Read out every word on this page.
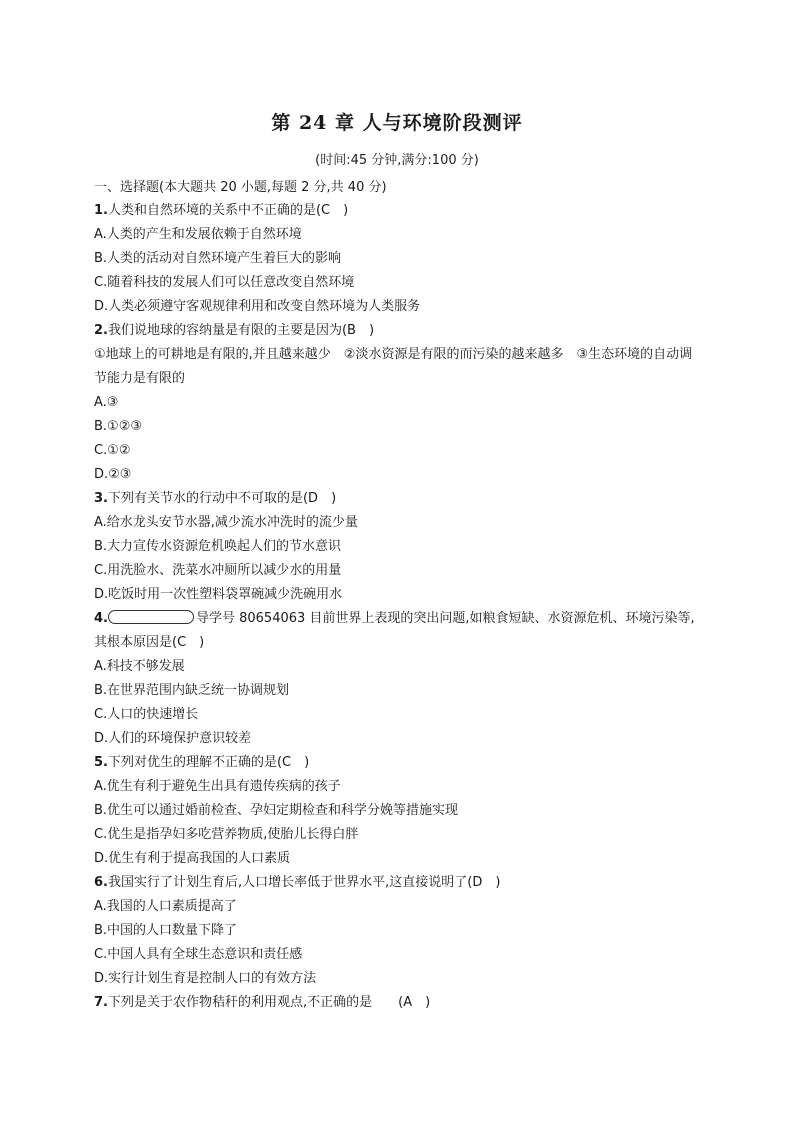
第 24 章 人与环境阶段测评
(时间:45 分钟,满分:100 分)
一、选择题(本大题共 20 小题,每题 2 分,共 40 分)
1.人类和自然环境的关系中不正确的是(C　)
A.人类的产生和发展依赖于自然环境
B.人类的活动对自然环境产生着巨大的影响
C.随着科技的发展人们可以任意改变自然环境
D.人类必须遵守客观规律利用和改变自然环境为人类服务
2.我们说地球的容纳量是有限的主要是因为(B　)
①地球上的可耕地是有限的,并且越来越少　②淡水资源是有限的而污染的越来越多　③生态环境的自动调节能力是有限的
A.③
B.①②③
C.①②
D.②③
3.下列有关节水的行动中不可取的是(D　)
A.给水龙头安节水器,减少流水冲洗时的流少量
B.大力宣传水资源危机唤起人们的节水意识
C.用洗脸水、洗菜水冲厕所以减少水的用量
D.吃饭时用一次性塑料袋罩碗减少洗碗用水
4.	导学号 80654063 目前世界上表现的突出问题,如粮食短缺、水资源危机、环境污染等,其根本原因是(C　)
A.科技不够发展
B.在世界范围内缺乏统一协调规划
C.人口的快速增长
D.人们的环境保护意识较差
5.下列对优生的理解不正确的是(C　)
A.优生有利于避免生出具有遗传疾病的孩子
B.优生可以通过婚前检查、孕妇定期检查和科学分娩等措施实现
C.优生是指孕妇多吃营养物质,使胎儿长得白胖
D.优生有利于提高我国的人口素质
6.我国实行了计划生育后,人口增长率低于世界水平,这直接说明了(D　)
A.我国的人口素质提高了
B.中国的人口数量下降了
C.中国人具有全球生态意识和责任感
D.实行计划生育是控制人口的有效方法
7.下列是关于农作物秸秆的利用观点,不正确的是　　(A　)
